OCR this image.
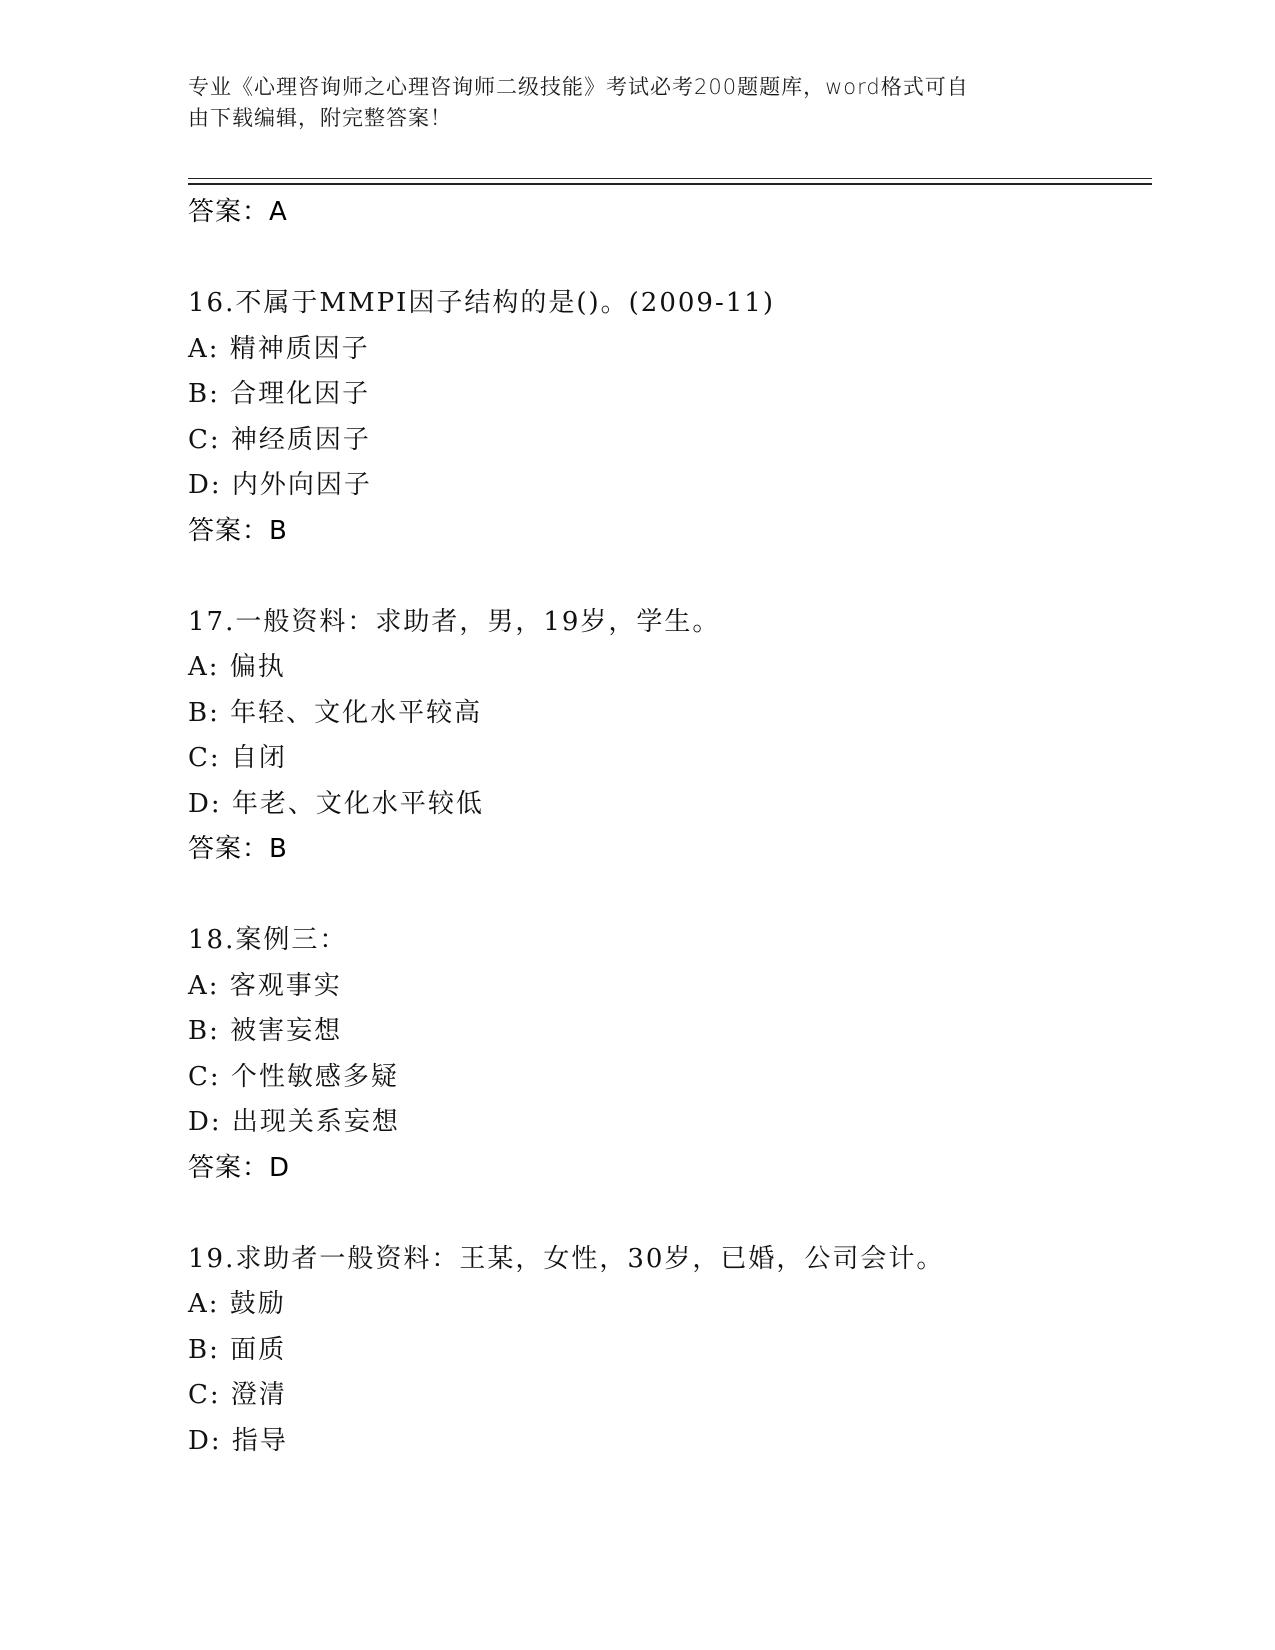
专业《心理咨询师之心理咨询师二级技能》考试必考200题题库，word格式可自
由下载编辑，附完整答案！
答案：A
16.不属于MMPI因子结构的是()。(2009-11)
A: 精神质因子
B: 合理化因子
C: 神经质因子
D: 内外向因子
答案：B
17.一般资料：求助者，男，19岁，学生。
A: 偏执
B: 年轻、文化水平较高
C: 自闭
D: 年老、文化水平较低
答案：B
18.案例三：
A: 客观事实
B: 被害妄想
C: 个性敏感多疑
D: 出现关系妄想
答案：D
19.求助者一般资料：王某，女性，30岁，已婚，公司会计。
A: 鼓励
B: 面质
C: 澄清
D: 指导
